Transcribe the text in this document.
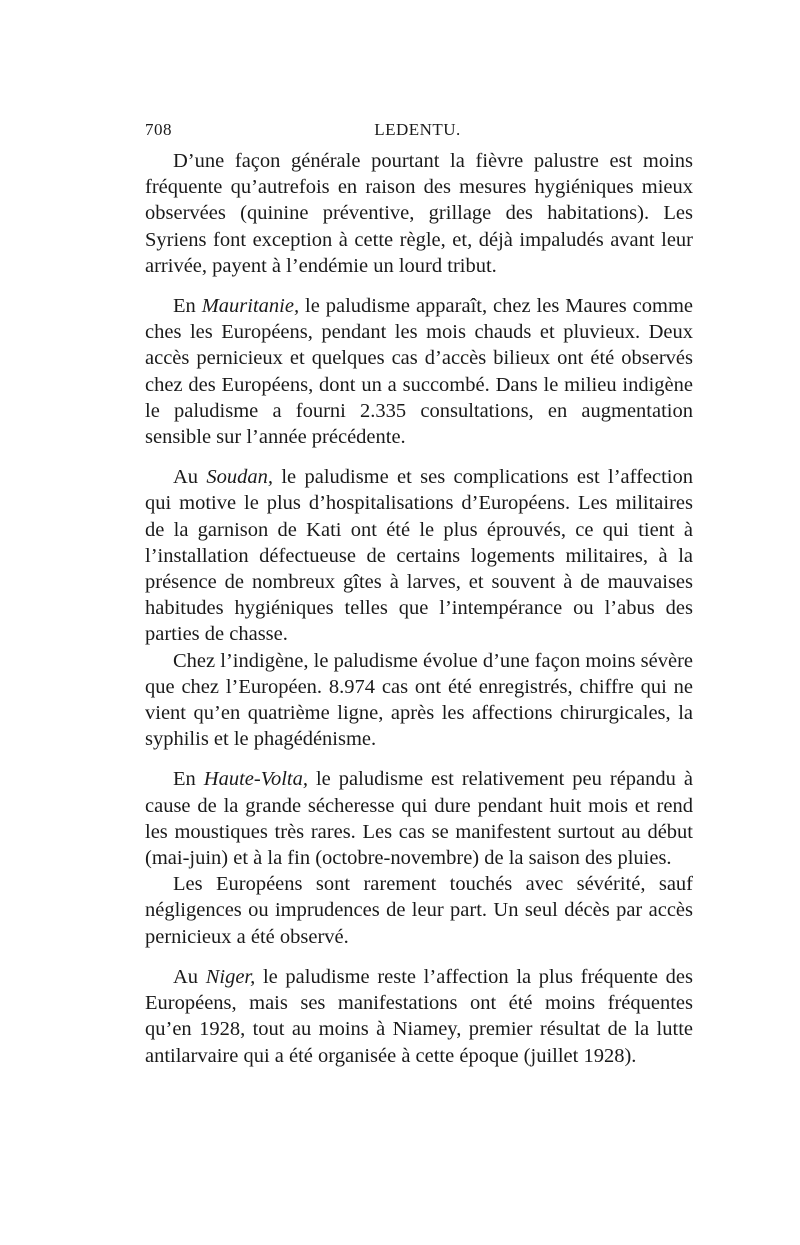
708	LEDENTU.

D’une façon générale pourtant la fièvre palustre est moins fréquente qu’autrefois en raison des mesures hygiéniques mieux observées (quinine préventive, grillage des habitations). Les Syriens font exception à cette règle, et, déjà impaludés avant leur arrivée, payent à l’endémie un lourd tribut.

En Mauritanie, le paludisme apparaît, chez les Maures comme ches les Européens, pendant les mois chauds et pluvieux. Deux accès pernicieux et quelques cas d’accès bilieux ont été observés chez des Européens, dont un a succombé. Dans le milieu indigène le paludisme a fourni 2.335 consultations, en augmentation sensible sur l’année précédente.

Au Soudan, le paludisme et ses complications est l’affection qui motive le plus d’hospitalisations d’Européens. Les militaires de la garnison de Kati ont été le plus éprouvés, ce qui tient à l’installation défectueuse de certains logements militaires, à la présence de nombreux gîtes à larves, et souvent à de mauvaises habitudes hygiéniques telles que l’intempérance ou l’abus des parties de chasse.

Chez l’indigène, le paludisme évolue d’une façon moins sévère que chez l’Européen. 8.974 cas ont été enregistrés, chiffre qui ne vient qu’en quatrième ligne, après les affections chirurgicales, la syphilis et le phagédénisme.

En Haute-Volta, le paludisme est relativement peu répandu à cause de la grande sécheresse qui dure pendant huit mois et rend les moustiques très rares. Les cas se manifestent surtout au début (mai-juin) et à la fin (octobre-novembre) de la saison des pluies.

Les Européens sont rarement touchés avec sévérité, sauf négligences ou imprudences de leur part. Un seul décès par accès pernicieux a été observé.

Au Niger, le paludisme reste l’affection la plus fréquente des Européens, mais ses manifestations ont été moins fréquentes qu’en 1928, tout au moins à Niamey, premier résultat de la lutte antilarvaire qui a été organisée à cette époque (juillet 1928).
